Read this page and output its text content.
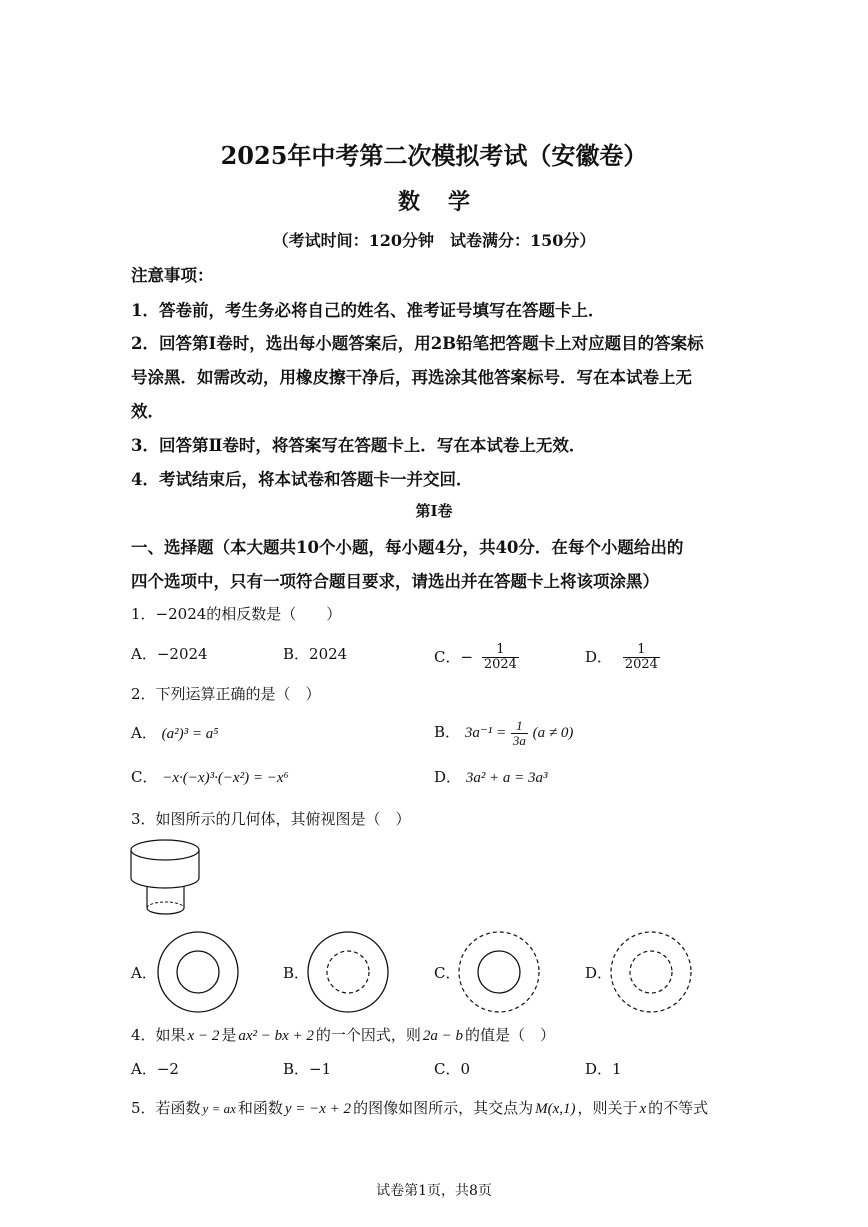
2025年中考第二次模拟考试（安徽卷）
数学
（考试时间：120分钟　试卷满分：150分）
注意事项：
1．答卷前，考生务必将自己的姓名、准考证号填写在答题卡上．
2．回答第Ⅰ卷时，选出每小题答案后，用2B铅笔把答题卡上对应题目的答案标
号涂黑．如需改动，用橡皮擦干净后，再选涂其他答案标号．写在本试卷上无
效．
3．回答第Ⅱ卷时，将答案写在答题卡上．写在本试卷上无效．
4．考试结束后，将本试卷和答题卡一并交回．
第Ⅰ卷
一、选择题（本大题共10个小题，每小题4分，共40分．在每个小题给出的
四个选项中，只有一项符合题目要求，请选出并在答题卡上将该项涂黑）
1．−2024的相反数是（　　）
A．−2024	B．2024	C．− $\frac{1}{2024}$	D． $\frac{1}{2024}$
2．下列运算正确的是（　）
A． (a²)³ = a⁵	B． $3a^{-1} = \frac{1}{3a} (a \ne 0)$
C． −x·(−x)³·(−x²) = −x⁶	D． 3a² + a = 3a³
3．如图所示的几何体，其俯视图是（　）
A．	B．	C．	D．
4．如果 x − 2 是 ax² − bx + 2 的一个因式，则 2a − b 的值是（　）
A．−2	B．−1	C．0	D．1
5．若函数 y = ax 和函数 y = −x + 2 的图像如图所示，其交点为 M(x,1) ，则关于 x 的不等式
试卷第1页，共8页
